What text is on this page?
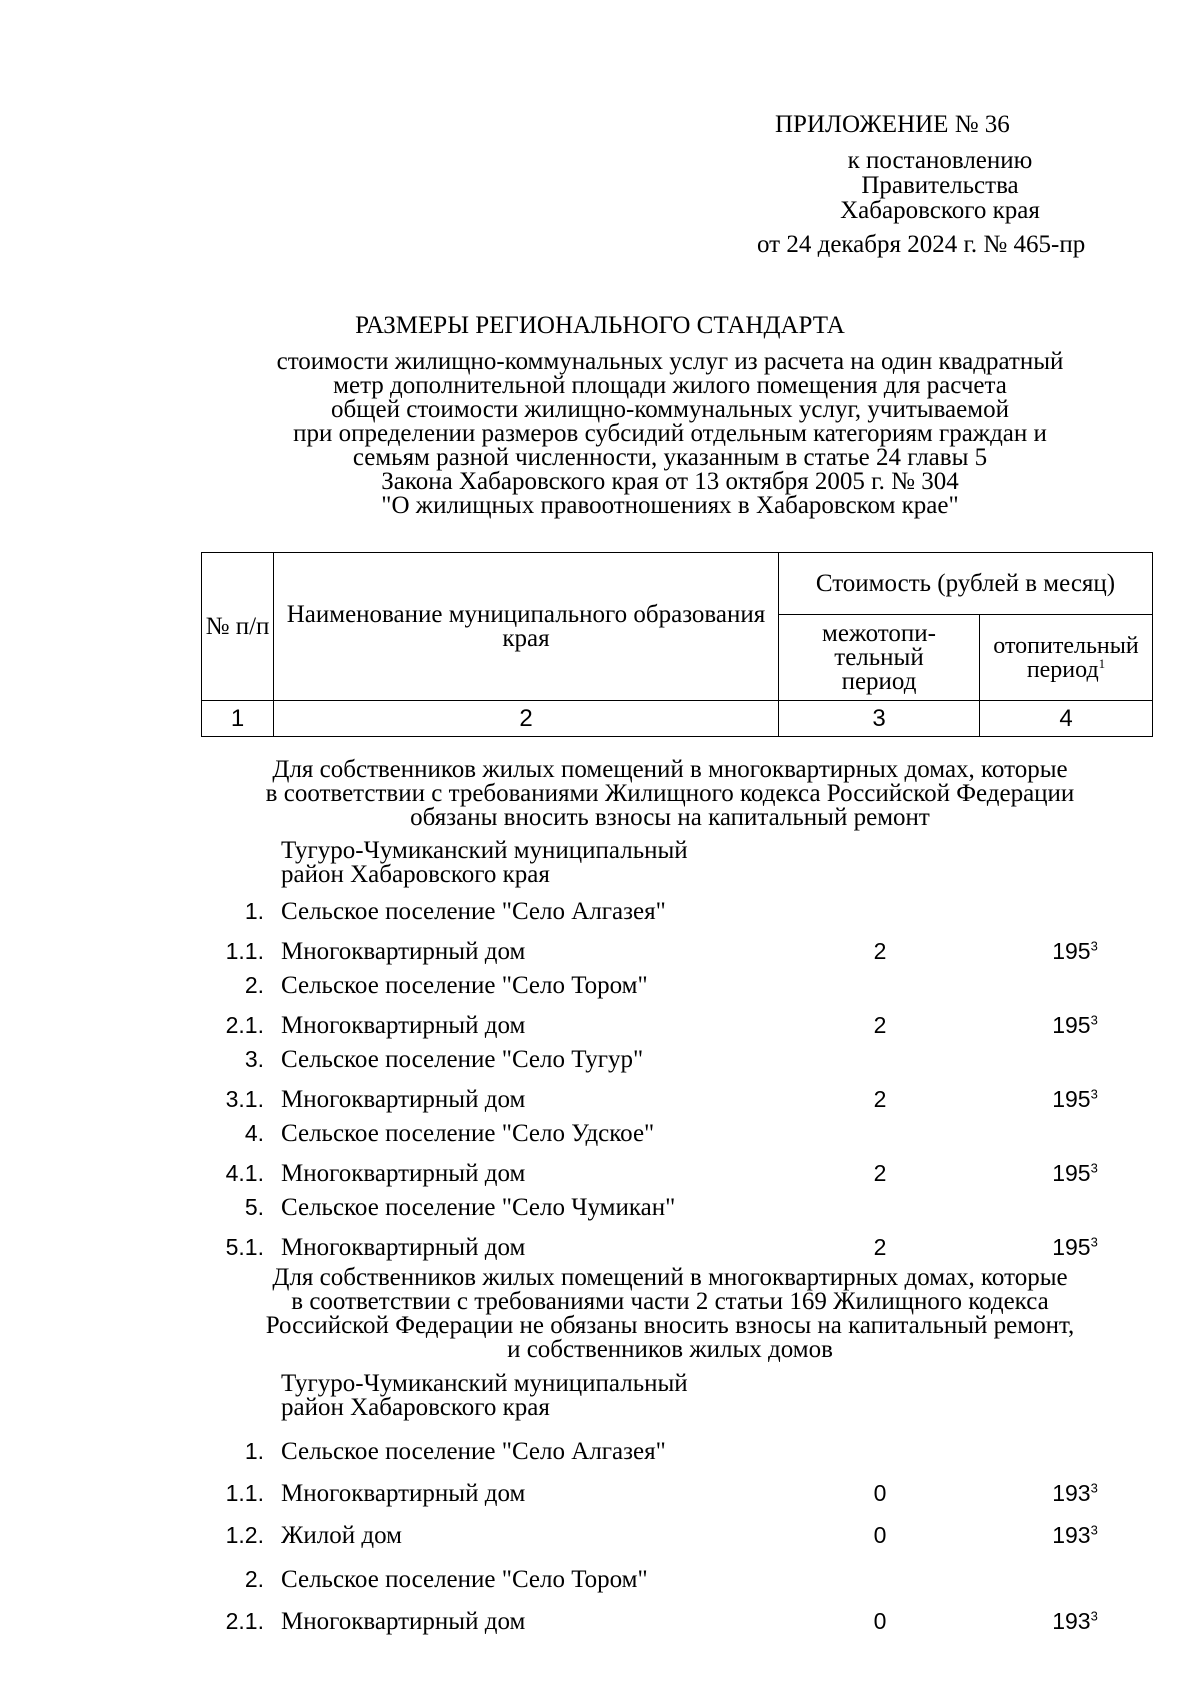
ПРИЛОЖЕНИЕ № 36
к постановлению
Правительства
Хабаровского края
от 24 декабря 2024 г. № 465-пр
РАЗМЕРЫ РЕГИОНАЛЬНОГО СТАНДАРТА
стоимости жилищно-коммунальных услуг из расчета на один квадратный
метр дополнительной площади жилого помещения для расчета
общей стоимости жилищно-коммунальных услуг, учитываемой
при определении размеров субсидий отдельным категориям граждан и
семьям разной численности, указанным в статье 24 главы 5
Закона Хабаровского края от 13 октября 2005 г. № 304
"О жилищных правоотношениях в Хабаровском крае"
№ п/п	Наименование муниципального образования края	Стоимость (рублей в месяц)	

		межотопи-
тельный
период	отопительный период$^1$
1	2	3	4
Для собственников жилых помещений в многоквартирных домах, которые
в соответствии с требованиями Жилищного кодекса Российской Федерации
обязаны вносить взносы на капитальный ремонт
Тугуро-Чумиканский муниципальный
район Хабаровского края
1. Сельское поселение "Село Алгазея"
1.1. Многоквартирный дом	2	$195^3$
2. Сельское поселение "Село Тором"
2.1. Многоквартирный дом	2	$195^3$
3. Сельское поселение "Село Тугур"
3.1. Многоквартирный дом	2	$195^3$
4. Сельское поселение "Село Удское"
4.1. Многоквартирный дом	2	$195^3$
5. Сельское поселение "Село Чумикан"
5.1. Многоквартирный дом	2	$195^3$
Для собственников жилых помещений в многоквартирных домах, которые
в соответствии с требованиями части 2 статьи 169 Жилищного кодекса
Российской Федерации не обязаны вносить взносы на капитальный ремонт,
и собственников жилых домов
Тугуро-Чумиканский муниципальный
район Хабаровского края
1. Сельское поселение "Село Алгазея"
1.1. Многоквартирный дом	0	$193^3$
1.2. Жилой дом	0	$193^3$
2. Сельское поселение "Село Тором"
2.1. Многоквартирный дом	0	$193^3$
